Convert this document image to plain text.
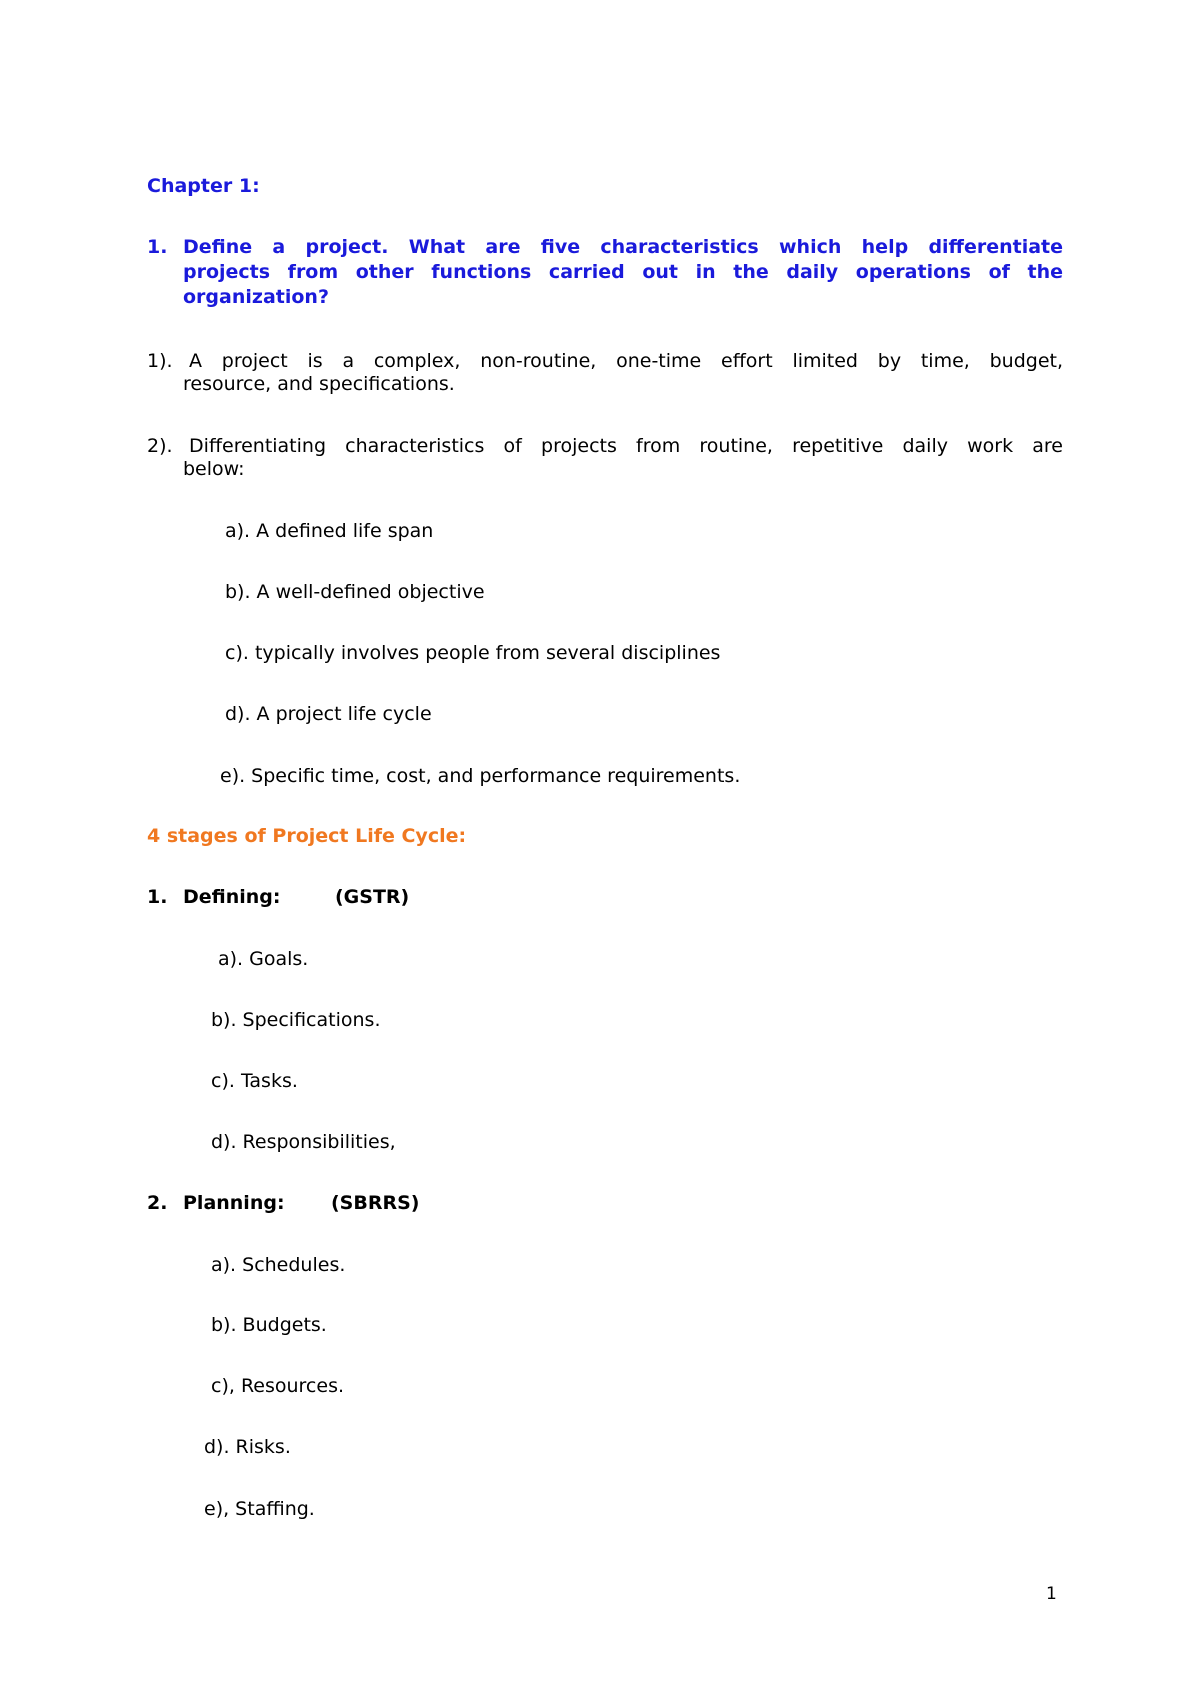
Chapter 1:

1. Define a project. What are five characteristics which help differentiate
projects from other functions carried out in the daily operations of the
organization?

1). A project is a complex, non-routine, one-time effort limited by time, budget,

resource, and specifications.

2). Differentiating characteristics of projects from routine, repetitive daily work are

below:

a). A defined life span

b). A well-defined objective

c). typically involves people from several disciplines

d). A project life cycle

e). Specific time, cost, and performance requirements.

4 stages of Project Life Cycle:

1. Defining:	(GSTR)

a). Goals.

b). Specifications.

c). Tasks.

d). Responsibilities,

2. Planning: (SBRRS)

a). Schedules.

b). Budgets.

c), Resources.

d). Risks.

e), Staffing.

1
